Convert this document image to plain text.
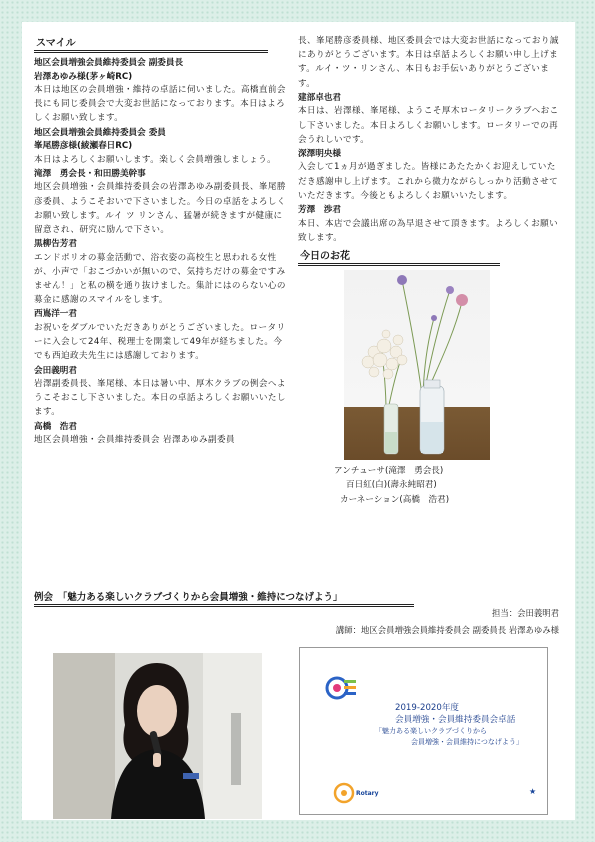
スマイル
地区会員増強会員維持委員会 副委員長
岩澤あゆみ様(茅ヶ崎RC)
本日は地区の会員増強・維持の卓話に伺いました。高橋直前会長にも同じ委員会で大変お世話になっております。本日はよろしくお願い致します。
地区会員増強会員維持委員会 委員
峯尾勝彦様(綾瀬春日RC)
本日はよろしくお願いします。楽しく会員増強しましょう。
滝澤　勇会長・和田勝美幹事
地区会員増強・会員維持委員会の岩澤あゆみ副委員長、峯尾勝彦委員、ようこそおいで下さいました。今日の卓話をよろしくお願い致します。ルイ ツ リンさん、猛暑が続きますが健康に留意され、研究に励んで下さい。
黒柳告芳君
エンドポリオの募金活動で、浴衣姿の高校生と思われる女性が、小声で「おこづかいが無いので、気持ちだけの募金ですみません！」と私の横を通り抜けました。集計にはのらない心の募金に感謝のスマイルをします。
西嶌洋一君
お祝いをダブルでいただきありがとうございました。ロータリーに入会して24年、税理士を開業して49年が経ちました。今でも西迫政夫先生には感謝しております。
会田義明君
岩澤副委員長、峯尾様、本日は暑い中、厚木クラブの例会へようこそおこし下さいました。本日の卓話よろしくお願いいたします。
高橋　浩君
地区会員増強・会員維持委員会 岩澤あゆみ副委員
長、峯尾勝彦委員様、地区委員会では大変お世話になっており誠にありがとうございます。本日は卓話よろしくお願い申し上げます。ルイ・ツ・リンさん、本日もお手伝いありがとうございます。
建部卓也君
本日は、岩澤様、峯尾様、ようこそ厚木ロータリークラブへおこし下さいました。本日よろしくお願いします。ロータリーでの再会うれしいです。
深澤明央様
入会して1ヵ月が過ぎました。皆様にあたたかくお迎えしていただき感謝申し上げます。これから微力ながらしっかり活動させていただきます。今後ともよろしくお願いいたします。
芳澤　渉君
本日、本店で会議出席の為早退させて頂きます。よろしくお願い致します。
今日のお花
アンチューサ(滝澤　勇会長)
百日紅(白)(壽永純昭君)
カーネーション(高橋　浩君)
例会　「魅力ある楽しいクラブづくりから会員増強・維持につなげよう」
担当：会田義明君
講師：地区会員増強会員維持委員会 副委員長 岩澤あゆみ様
2019-2020年度
会員増強・会員維持委員会卓話
「魅力ある楽しいクラブづくりから
会員増強・会員維持につなげよう」
Rotary	★
